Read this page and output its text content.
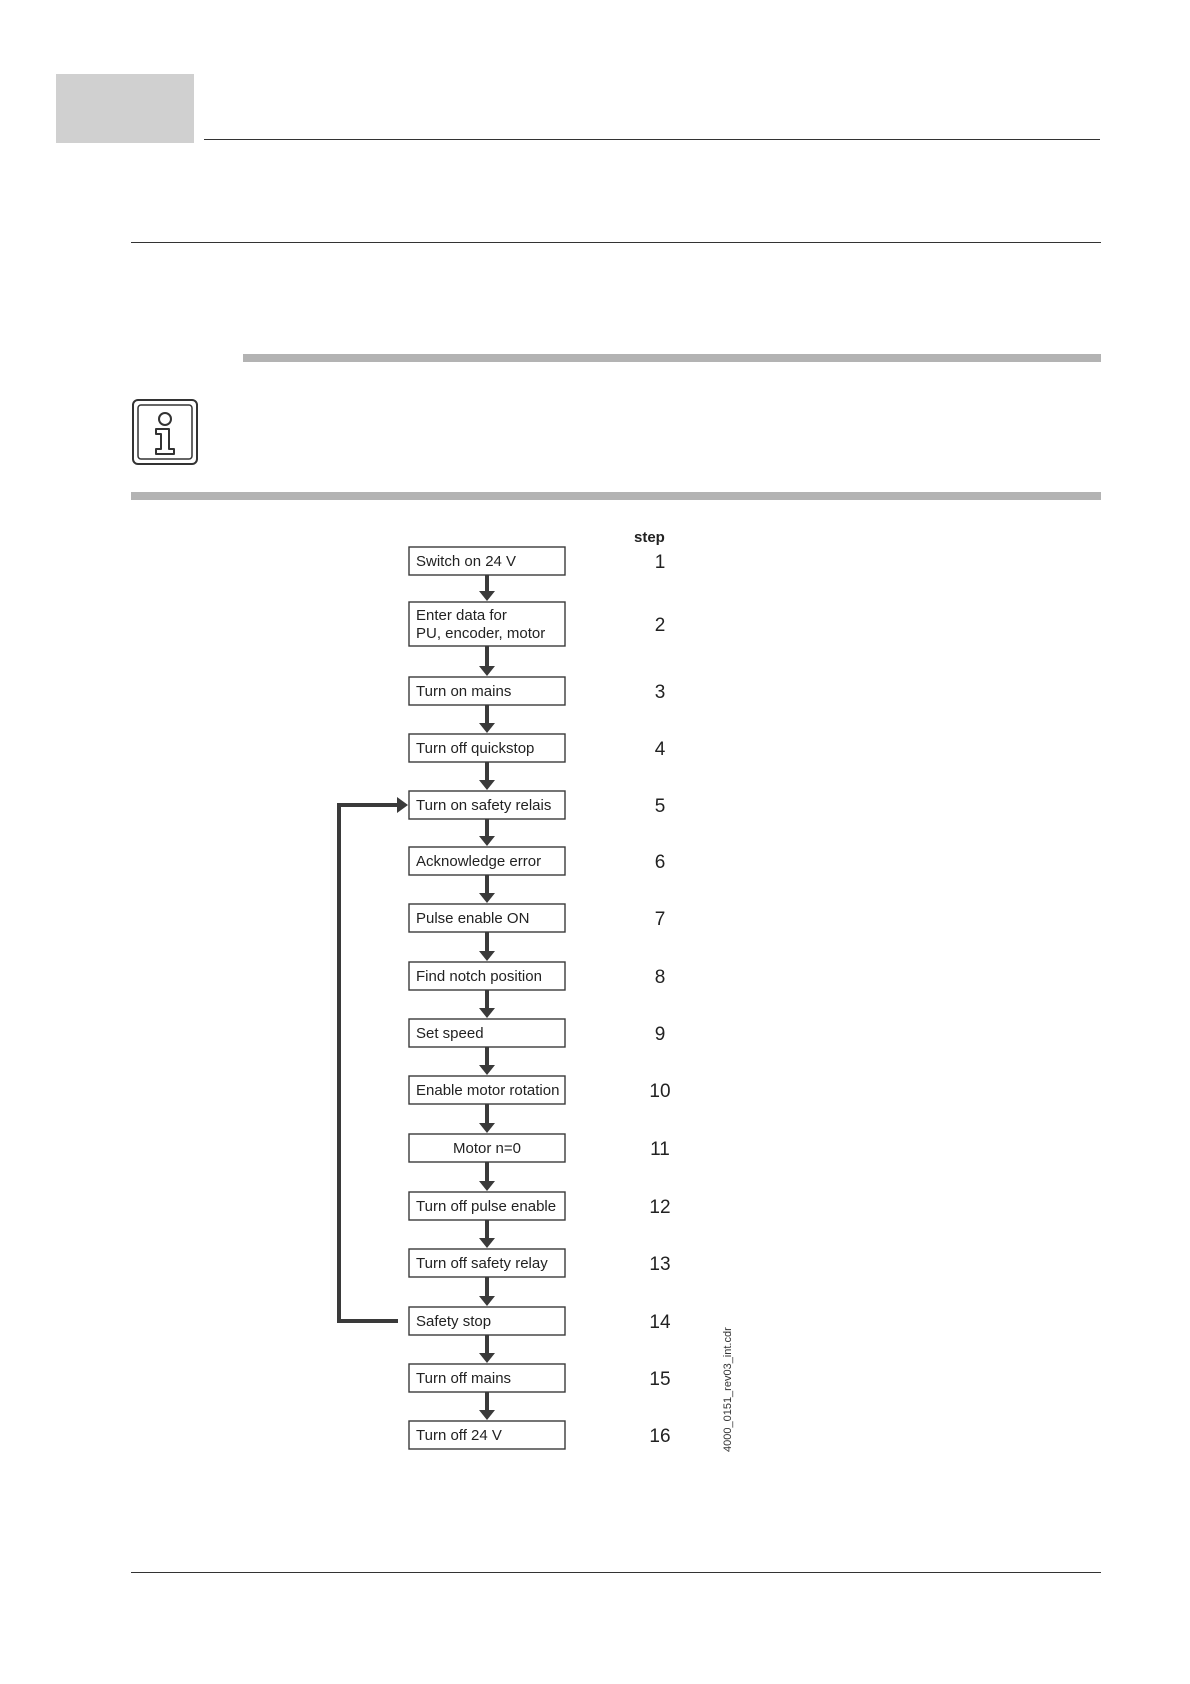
step
Switch on 24 V	1
Enter data for
PU, encoder, motor	2
Turn on mains	3
Turn off quickstop	4
Turn on safety relais	5
Acknowledge error	6
Pulse enable ON	7
Find notch position	8
Set speed	9
Enable motor rotation	10
Motor n=0	11
Turn off pulse enable	12
Turn off safety relay	13
Safety stop	14
Turn off mains	15
Turn off 24 V	16	4000_0151_rev03_int.cdr
